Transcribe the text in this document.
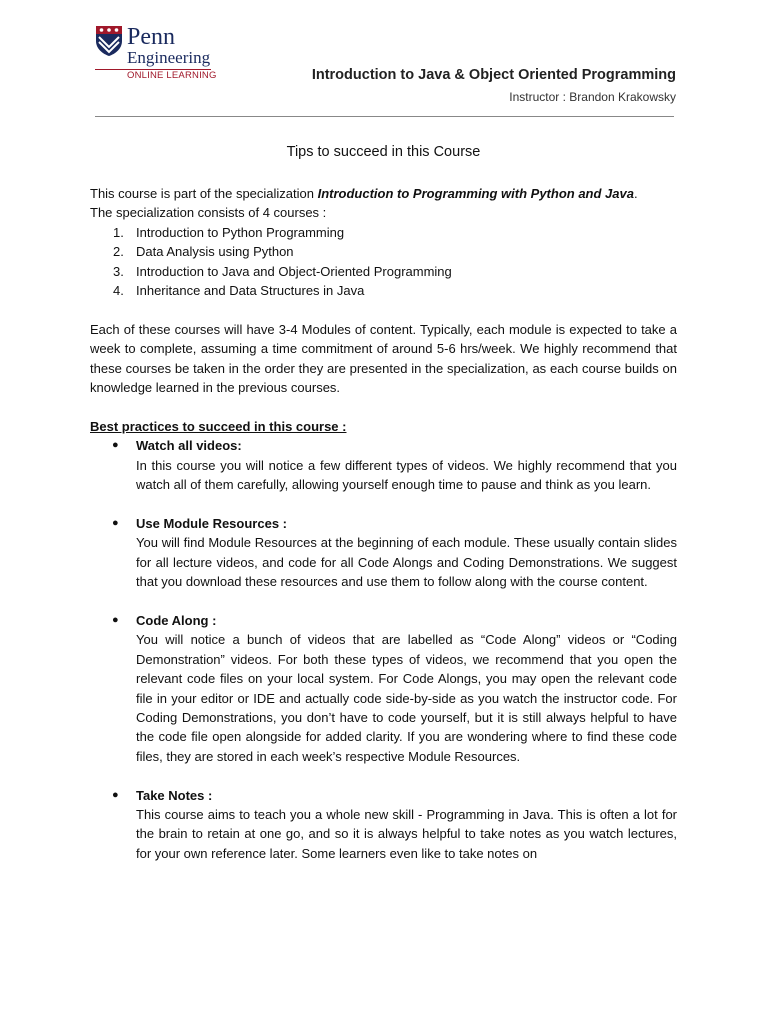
Penn
Engineering
ONLINE LEARNING	Introduction to Java & Object Oriented Programming
Instructor : Brandon Krakowsky
Tips to succeed in this Course

This course is part of the specialization Introduction to Programming with Python and Java.
The specialization consists of 4 courses :

1. Introduction to Python Programming
2. Data Analysis using Python
3. Introduction to Java and Object-Oriented Programming
4. Inheritance and Data Structures in Java

Each of these courses will have 3-4 Modules of content. Typically, each module is expected to take a week to complete, assuming a time commitment of around 5-6 hrs/week. We highly recommend that these courses be taken in the order they are presented in the specialization, as each course builds on knowledge learned in the previous courses.

Best practices to succeed in this course :

● Watch all videos:
In this course you will notice a few different types of videos. We highly recommend that you watch all of them carefully, allowing yourself enough time to pause and think as you learn.
● Use Module Resources :
You will find Module Resources at the beginning of each module. These usually contain slides for all lecture videos, and code for all Code Alongs and Coding Demonstrations. We suggest that you download these resources and use them to follow along with the course content.
● Code Along :
You will notice a bunch of videos that are labelled as “Code Along” videos or “Coding Demonstration” videos. For both these types of videos, we recommend that you open the relevant code files on your local system. For Code Alongs, you may open the relevant code file in your editor or IDE and actually code side-by-side as you watch the instructor code. For Coding Demonstrations, you don’t have to code yourself, but it is still always helpful to have the code file open alongside for added clarity. If you are wondering where to find these code files, they are stored in each week’s respective Module Resources.
● Take Notes :
This course aims to teach you a whole new skill - Programming in Java. This is often a lot for the brain to retain at one go, and so it is always helpful to take notes as you watch lectures, for your own reference later. Some learners even like to take notes on
